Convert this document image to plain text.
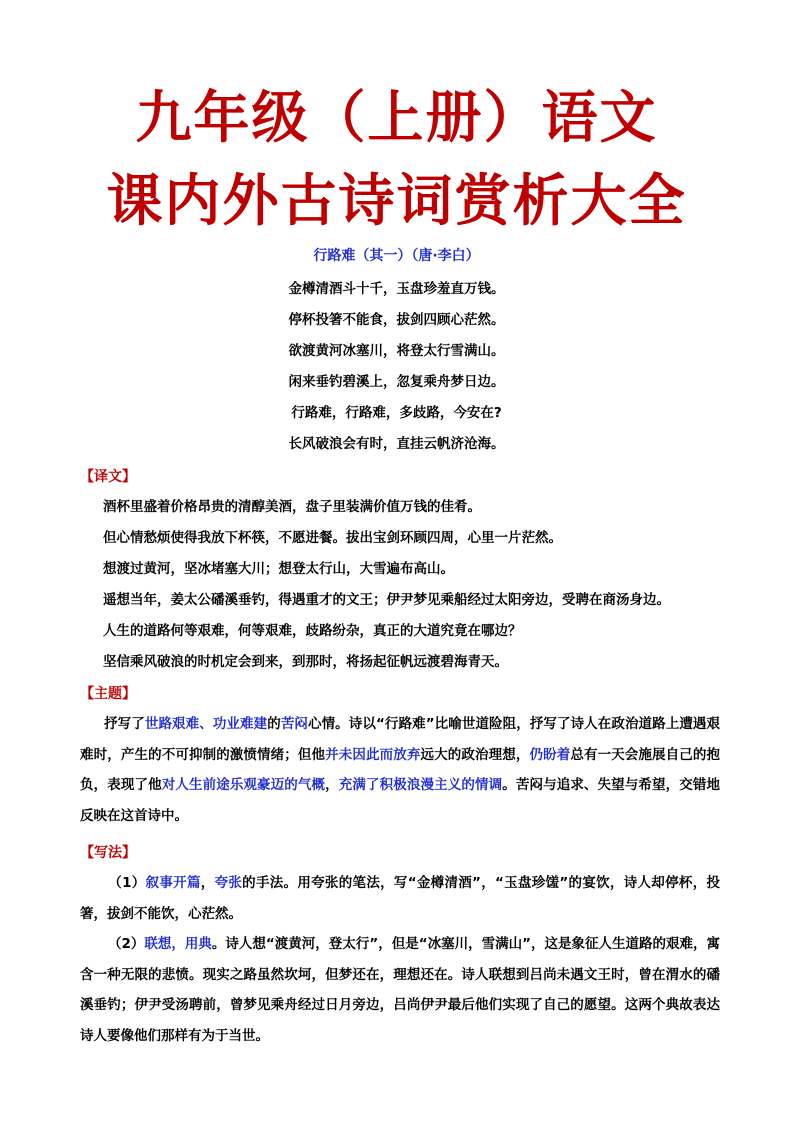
九年级（上册）语文
课内外古诗词赏析大全
行路难（其一）（唐·李白）
金樽清酒斗十千，玉盘珍羞直万钱。
停杯投箸不能食，拔剑四顾心茫然。
欲渡黄河冰塞川，将登太行雪满山。
闲来垂钓碧溪上，忽复乘舟梦日边。
行路难，行路难，多歧路，今安在?
长风破浪会有时，直挂云帆济沧海。
【译文】
酒杯里盛着价格昂贵的清醇美酒，盘子里装满价值万钱的佳肴。
但心情愁烦使得我放下杯筷，不愿进餐。拔出宝剑环顾四周，心里一片茫然。
想渡过黄河，坚冰堵塞大川；想登太行山，大雪遍布高山。
遥想当年，姜太公磻溪垂钓，得遇重才的文王；伊尹梦见乘船经过太阳旁边，受聘在商汤身边。
人生的道路何等艰难，何等艰难，歧路纷杂，真正的大道究竟在哪边？
坚信乘风破浪的时机定会到来，到那时，将扬起征帆远渡碧海青天。
【主题】

抒写了世路艰难、功业难建的苦闷心情。诗以“行路难”比喻世道险阻，抒写了诗人在政治道路上遭遇艰难时，产生的不可抑制的激愤情绪；但他并未因此而放弃远大的政治理想，仍盼着总有一天会施展自己的抱负，表现了他对人生前途乐观豪迈的气概，充满了积极浪漫主义的情调。苦闷与追求、失望与希望，交错地反映在这首诗中。

【写法】

（1）叙事开篇，夸张的手法。用夸张的笔法，写“金樽清酒”，“玉盘珍馐”的宴饮，诗人却停杯，投箸，拔剑不能饮，心茫然。

（2）联想，用典。诗人想“渡黄河，登太行”，但是“冰塞川，雪满山”，这是象征人生道路的艰难，寓含一种无限的悲愤。现实之路虽然坎坷，但梦还在，理想还在。诗人联想到吕尚未遇文王时，曾在渭水的磻溪垂钓；伊尹受汤聘前，曾梦见乘舟经过日月旁边，吕尚伊尹最后他们实现了自己的愿望。这两个典故表达诗人要像他们那样有为于当世。
